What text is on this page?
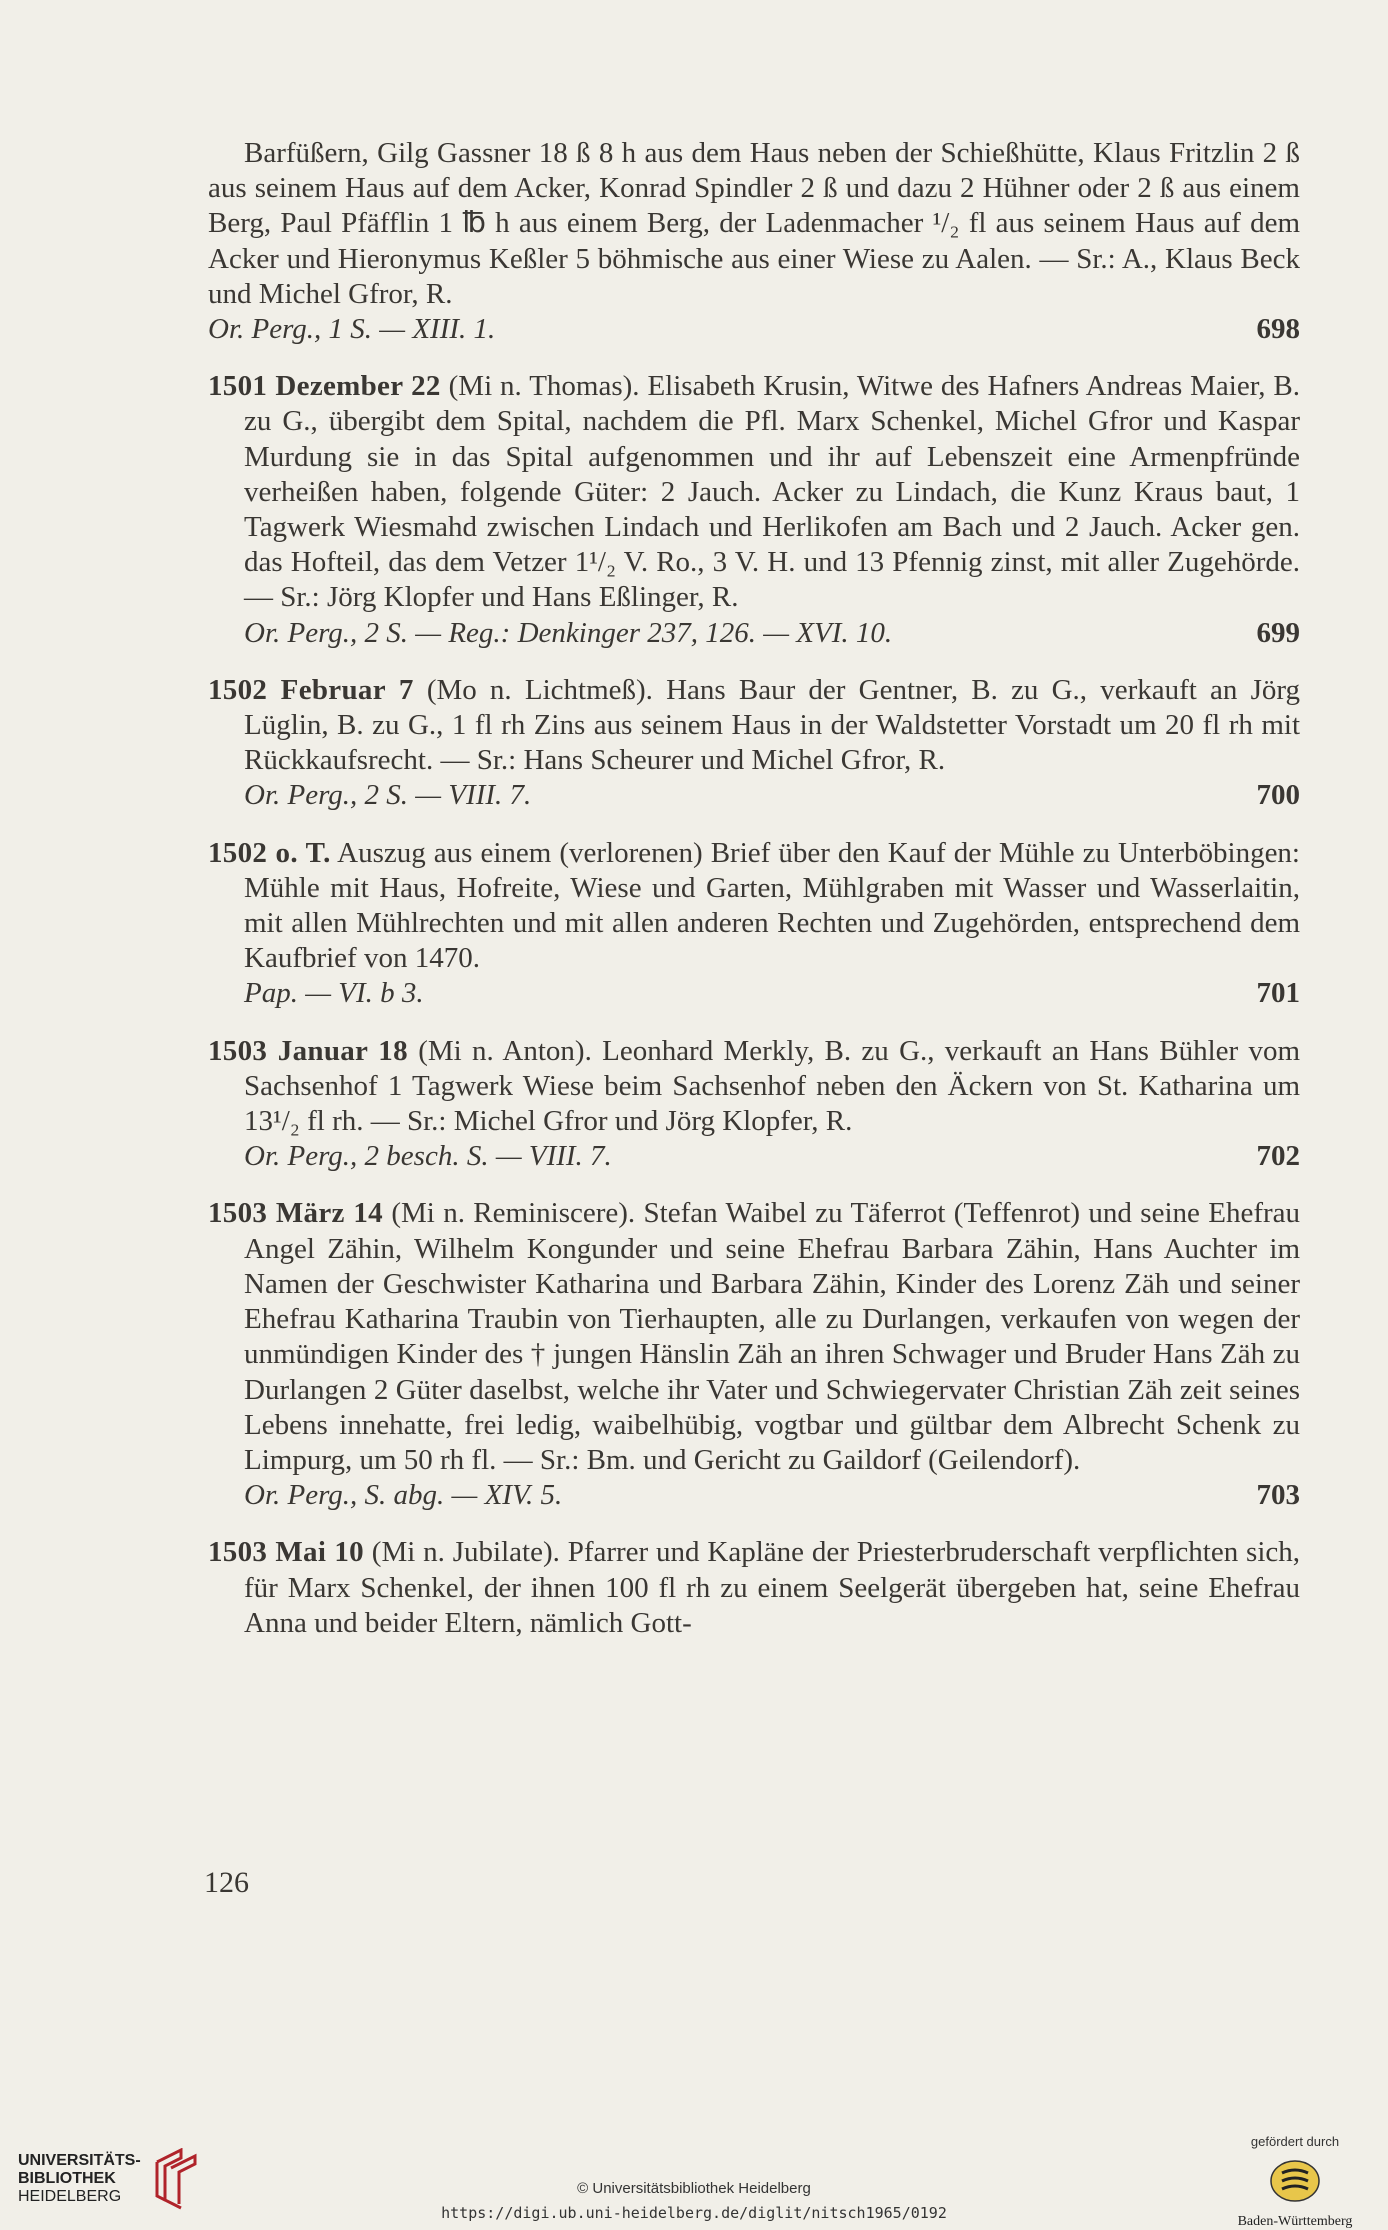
Barfüßern, Gilg Gassner 18 ß 8 h aus dem Haus neben der Schießhütte, Klaus Fritzlin 2 ß aus seinem Haus auf dem Acker, Konrad Spindler 2 ß und dazu 2 Hühner oder 2 ß aus einem Berg, Paul Pfäfflin 1 ℔ h aus einem Berg, der Ladenmacher ¹/₂ fl aus seinem Haus auf dem Acker und Hieronymus Keßler 5 böhmische aus einer Wiese zu Aalen. — Sr.: A., Klaus Beck und Michel Gfror, R.
Or. Perg., 1 S. — XIII. 1.	698
1501 Dezember 22 (Mi n. Thomas). Elisabeth Krusin, Witwe des Hafners Andreas Maier, B. zu G., übergibt dem Spital, nachdem die Pfl. Marx Schenkel, Michel Gfror und Kaspar Murdung sie in das Spital aufgenommen und ihr auf Lebenszeit eine Armenpfründe verheißen haben, folgende Güter: 2 Jauch. Acker zu Lindach, die Kunz Kraus baut, 1 Tagwerk Wiesmahd zwischen Lindach und Herlikofen am Bach und 2 Jauch. Acker gen. das Hofteil, das dem Vetzer 1¹/₂ V. Ro., 3 V. H. und 13 Pfennig zinst, mit aller Zugehörde. — Sr.: Jörg Klopfer und Hans Eßlinger, R.
Or. Perg., 2 S. — Reg.: Denkinger 237, 126. — XVI. 10.	699
1502 Februar 7 (Mo n. Lichtmeß). Hans Baur der Gentner, B. zu G., verkauft an Jörg Lüglin, B. zu G., 1 fl rh Zins aus seinem Haus in der Waldstetter Vorstadt um 20 fl rh mit Rückkaufsrecht. — Sr.: Hans Scheurer und Michel Gfror, R.
Or. Perg., 2 S. — VIII. 7.	700
1502 o. T. Auszug aus einem (verlorenen) Brief über den Kauf der Mühle zu Unterböbingen: Mühle mit Haus, Hofreite, Wiese und Garten, Mühlgraben mit Wasser und Wasserlaitin, mit allen Mühlrechten und mit allen anderen Rechten und Zugehörden, entsprechend dem Kaufbrief von 1470.
Pap. — VI. b 3.	701
1503 Januar 18 (Mi n. Anton). Leonhard Merkly, B. zu G., verkauft an Hans Bühler vom Sachsenhof 1 Tagwerk Wiese beim Sachsenhof neben den Äckern von St. Katharina um 13¹/₂ fl rh. — Sr.: Michel Gfror und Jörg Klopfer, R.
Or. Perg., 2 besch. S. — VIII. 7.	702
1503 März 14 (Mi n. Reminiscere). Stefan Waibel zu Täferrot (Teffenrot) und seine Ehefrau Angel Zähin, Wilhelm Kongunder und seine Ehefrau Barbara Zähin, Hans Auchter im Namen der Geschwister Katharina und Barbara Zähin, Kinder des Lorenz Zäh und seiner Ehefrau Katharina Traubin von Tierhaupten, alle zu Durlangen, verkaufen von wegen der unmündigen Kinder des † jungen Hänslin Zäh an ihren Schwager und Bruder Hans Zäh zu Durlangen 2 Güter daselbst, welche ihr Vater und Schwiegervater Christian Zäh zeit seines Lebens innehatte, frei ledig, waibelhübig, vogtbar und gültbar dem Albrecht Schenk zu Limpurg, um 50 rh fl. — Sr.: Bm. und Gericht zu Gaildorf (Geilendorf).
Or. Perg., S. abg. — XIV. 5.	703
1503 Mai 10 (Mi n. Jubilate). Pfarrer und Kapläne der Priesterbruderschaft verpflichten sich, für Marx Schenkel, der ihnen 100 fl rh zu einem Seelgerät übergeben hat, seine Ehefrau Anna und beider Eltern, nämlich Gott-
126
UNIVERSITÄTS-
BIBLIOTHEK
HEIDELBERG	© Universitätsbibliothek Heidelberg
https://digi.ub.uni-heidelberg.de/diglit/nitsch1965/0192
gefördert durch
Baden-Württemberg
